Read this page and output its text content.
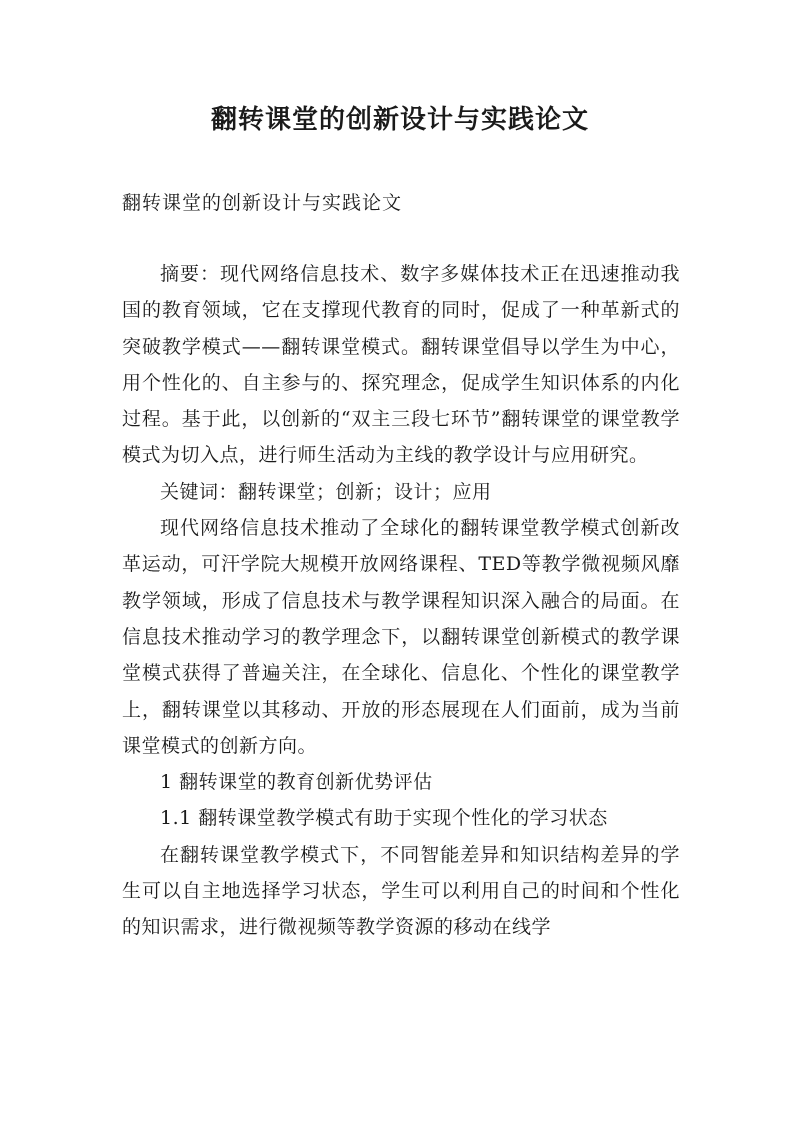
翻转课堂的创新设计与实践论文

翻转课堂的创新设计与实践论文

摘要：现代网络信息技术、数字多媒体技术正在迅速推动我国的教育领域，它在支撑现代教育的同时，促成了一种革新式的突破教学模式——翻转课堂模式。翻转课堂倡导以学生为中心，用个性化的、自主参与的、探究理念，促成学生知识体系的内化过程。基于此，以创新的“双主三段七环节”翻转课堂的课堂教学模式为切入点，进行师生活动为主线的教学设计与应用研究。

关键词：翻转课堂；创新；设计；应用

现代网络信息技术推动了全球化的翻转课堂教学模式创新改革运动，可汗学院大规模开放网络课程、TED等教学微视频风靡教学领域，形成了信息技术与教学课程知识深入融合的局面。在信息技术推动学习的教学理念下，以翻转课堂创新模式的教学课堂模式获得了普遍关注，在全球化、信息化、个性化的课堂教学上，翻转课堂以其移动、开放的形态展现在人们面前，成为当前课堂模式的创新方向。

1 翻转课堂的教育创新优势评估

1.1 翻转课堂教学模式有助于实现个性化的学习状态

在翻转课堂教学模式下，不同智能差异和知识结构差异的学生可以自主地选择学习状态，学生可以利用自己的时间和个性化的知识需求，进行微视频等教学资源的移动在线学
